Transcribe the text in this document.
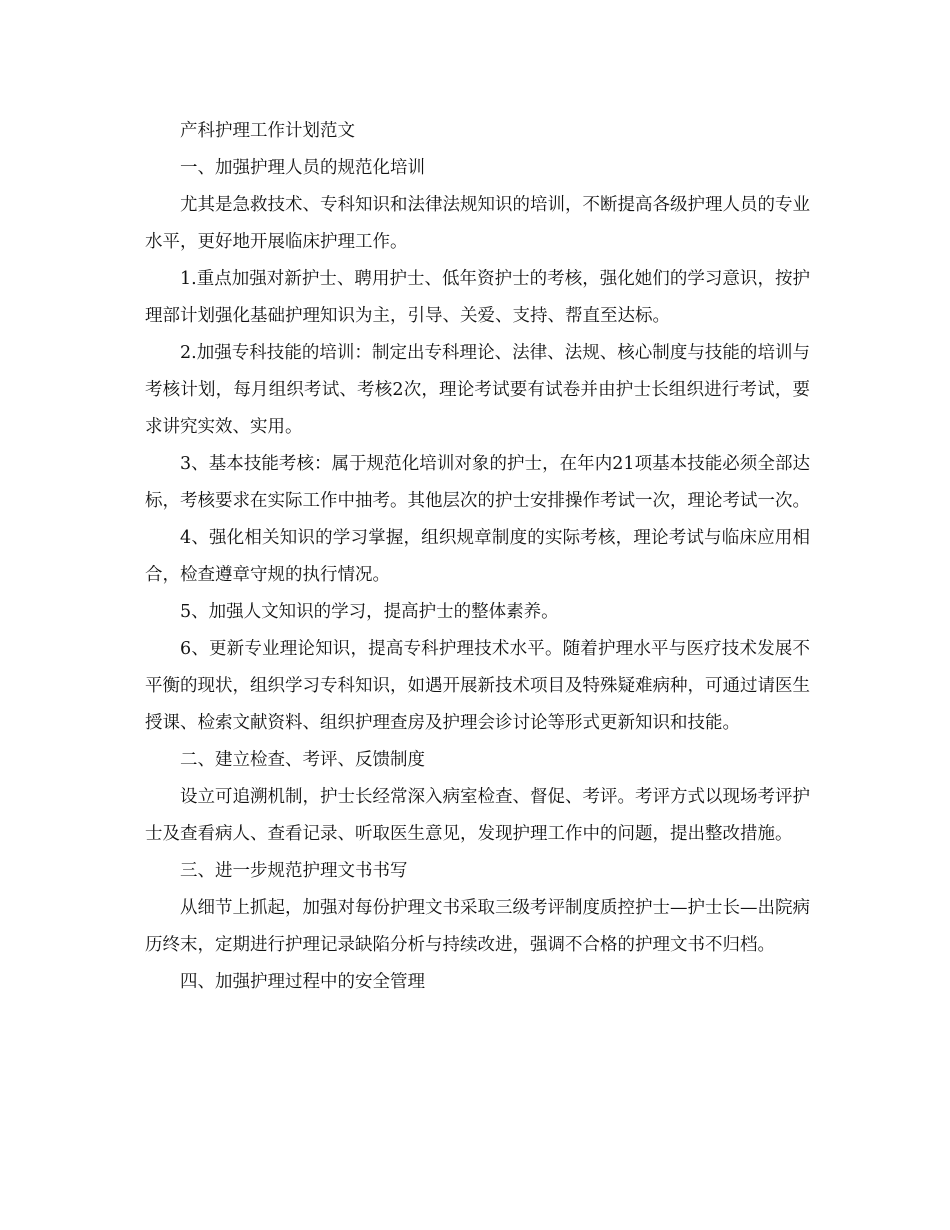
产科护理工作计划范文

一、加强护理人员的规范化培训

尤其是急救技术、专科知识和法律法规知识的培训，不断提高各级护理人员的专业水平，更好地开展临床护理工作。

1.重点加强对新护士、聘用护士、低年资护士的考核，强化她们的学习意识，按护理部计划强化基础护理知识为主，引导、关爱、支持、帮直至达标。

2.加强专科技能的培训：制定出专科理论、法律、法规、核心制度与技能的培训与考核计划，每月组织考试、考核2次，理论考试要有试卷并由护士长组织进行考试，要求讲究实效、实用。

3、基本技能考核：属于规范化培训对象的护士，在年内21项基本技能必须全部达标，考核要求在实际工作中抽考。其他层次的护士安排操作考试一次，理论考试一次。

4、强化相关知识的学习掌握，组织规章制度的实际考核，理论考试与临床应用相合，检查遵章守规的执行情况。

5、加强人文知识的学习，提高护士的整体素养。

6、更新专业理论知识，提高专科护理技术水平。随着护理水平与医疗技术发展不平衡的现状，组织学习专科知识，如遇开展新技术项目及特殊疑难病种，可通过请医生授课、检索文献资料、组织护理查房及护理会诊讨论等形式更新知识和技能。

二、建立检查、考评、反馈制度

设立可追溯机制，护士长经常深入病室检查、督促、考评。考评方式以现场考评护士及查看病人、查看记录、听取医生意见，发现护理工作中的问题，提出整改措施。

三、进一步规范护理文书书写

从细节上抓起，加强对每份护理文书采取三级考评制度质控护士—护士长—出院病历终末，定期进行护理记录缺陷分析与持续改进，强调不合格的护理文书不归档。

四、加强护理过程中的安全管理
